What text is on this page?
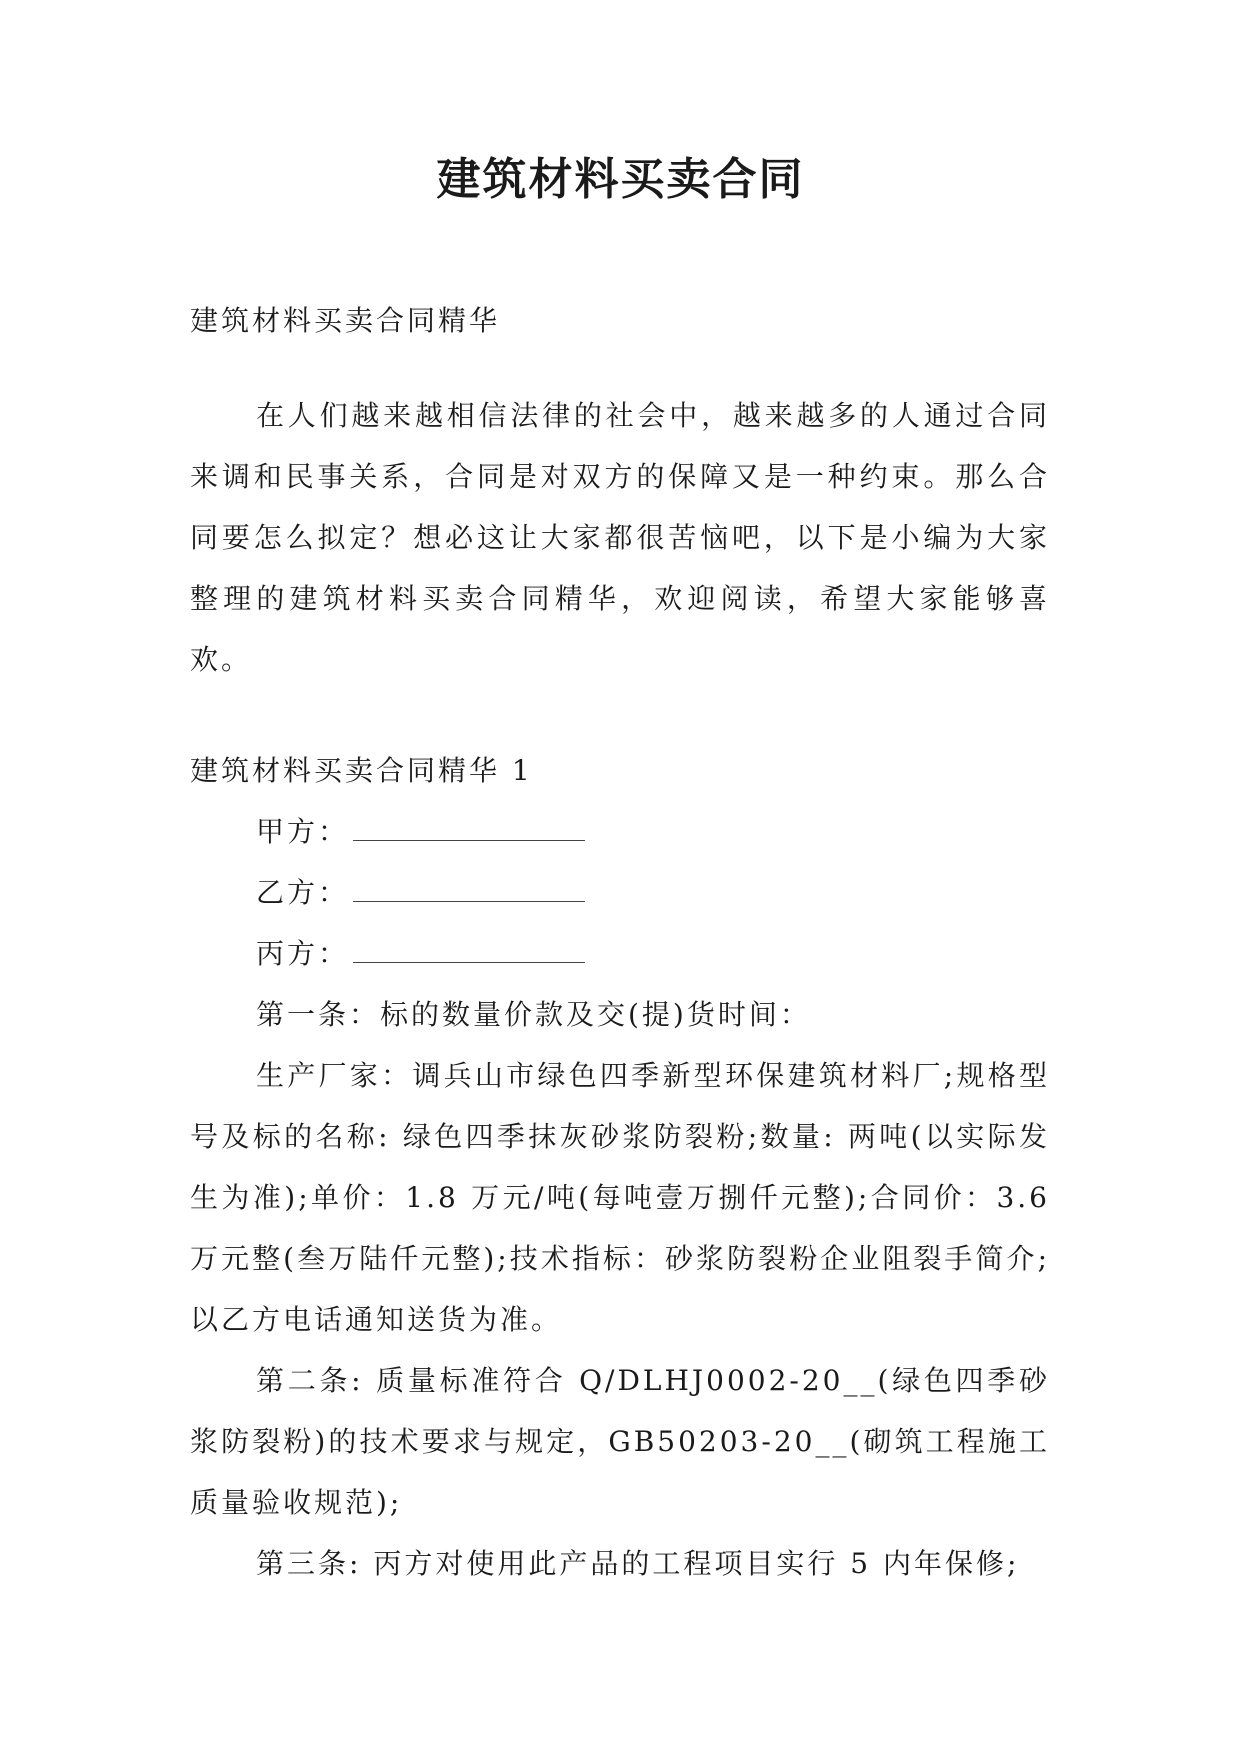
建筑材料买卖合同

建筑材料买卖合同精华

在人们越来越相信法律的社会中，越来越多的人通过合同来调和民事关系，合同是对双方的保障又是一种约束。那么合同要怎么拟定？想必这让大家都很苦恼吧，以下是小编为大家整理的建筑材料买卖合同精华，欢迎阅读，希望大家能够喜欢。

建筑材料买卖合同精华 1

甲方：

乙方：

丙方：

第一条：标的数量价款及交(提)货时间：

生产厂家：调兵山市绿色四季新型环保建筑材料厂;规格型号及标的名称: 绿色四季抹灰砂浆防裂粉;数量: 两吨(以实际发生为准);单价：1.8 万元/吨(每吨壹万捌仟元整);合同价：3.6 万元整(叁万陆仟元整);技术指标：砂浆防裂粉企业阻裂手简介;以乙方电话通知送货为准。

第二条: 质量标准符合 Q/DLHJ0002-20__(绿色四季砂浆防裂粉)的技术要求与规定，GB50203-20__(砌筑工程施工质量验收规范);

第三条: 丙方对使用此产品的工程项目实行 5 内年保修;
